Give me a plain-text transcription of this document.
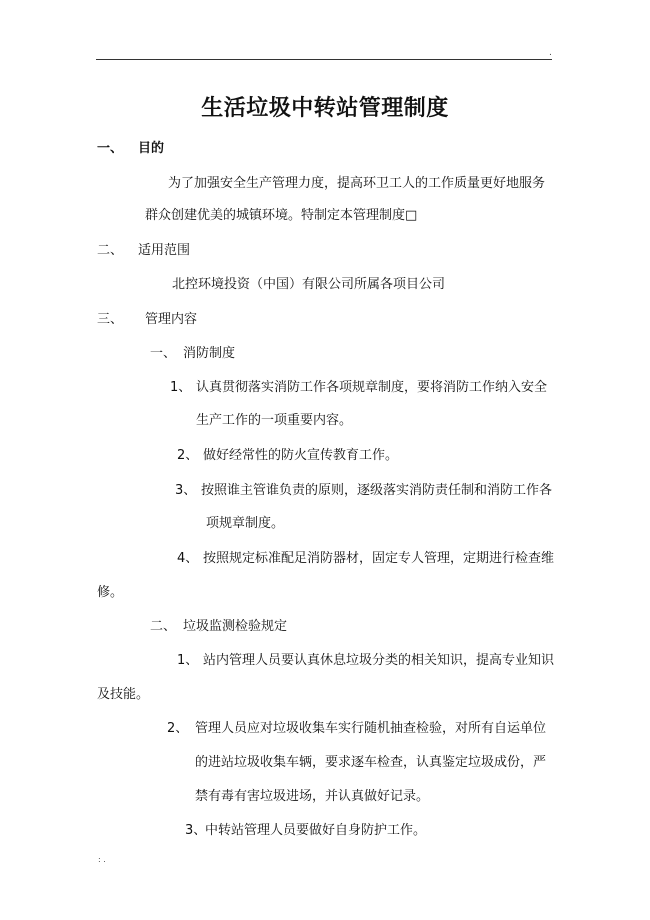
.
生活垃圾中转站管理制度
一、 目的
为了加强安全生产管理力度，提高环卫工人的工作质量更好地服务
群众创建优美的城镇环境。特制定本管理制度□
二、 适用范围
北控环境投资（中国）有限公司所属各项目公司
三、 管理内容
一、 消防制度
1、 认真贯彻落实消防工作各项规章制度，要将消防工作纳入安全
生产工作的一项重要内容。
2、 做好经常性的防火宣传教育工作。
3、 按照谁主管谁负责的原则，逐级落实消防责任制和消防工作各
项规章制度。
4、 按照规定标准配足消防器材，固定专人管理，定期进行检查维
修。
二、 垃圾监测检验规定
1、 站内管理人员要认真休息垃圾分类的相关知识，提高专业知识
及技能。
2、 管理人员应对垃圾收集车实行随机抽查检验，对所有自运单位
的进站垃圾收集车辆，要求逐车检查，认真鉴定垃圾成份，严
禁有毒有害垃圾进场，并认真做好记录。
3、
中转站管理人员要做好自身防护工作。
: .
